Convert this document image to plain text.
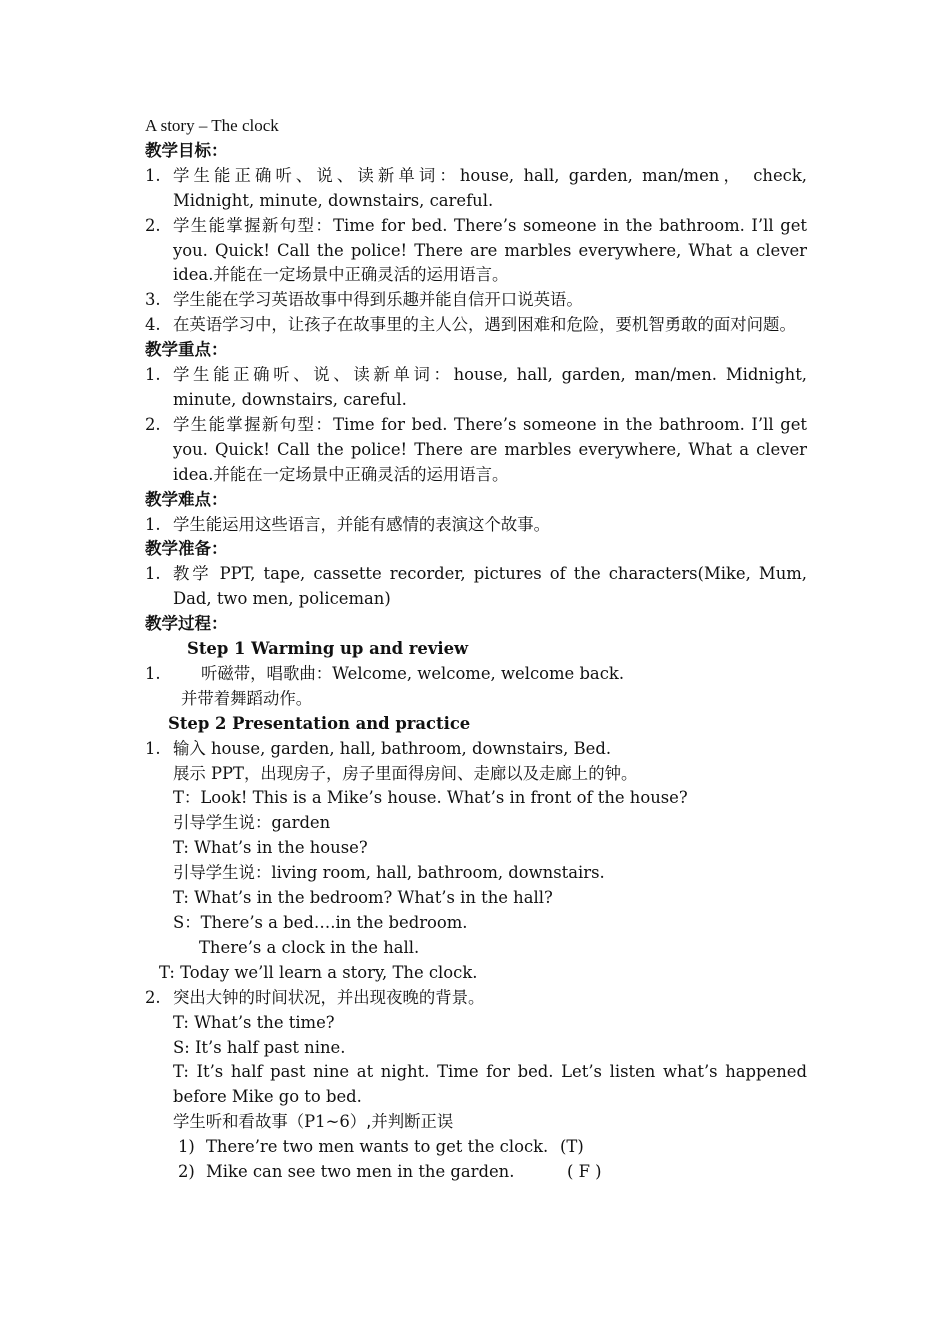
A story – The clock
教学目标：
1. 学生能正确听、说、读新单词：house, hall, garden, man/men， check, Midnight, minute, downstairs, careful.
2. 学生能掌握新句型：Time for bed. There’s someone in the bathroom. I’ll get you. Quick! Call the police! There are marbles everywhere, What a clever idea.并能在一定场景中正确灵活的运用语言。
3. 学生能在学习英语故事中得到乐趣并能自信开口说英语。
4. 在英语学习中，让孩子在故事里的主人公，遇到困难和危险，要机智勇敢的面对问题。
教学重点：
1. 学生能正确听、说、读新单词：house, hall, garden, man/men. Midnight, minute, downstairs, careful.
2. 学生能掌握新句型：Time for bed. There’s someone in the bathroom. I’ll get you. Quick! Call the police! There are marbles everywhere, What a clever idea.并能在一定场景中正确灵活的运用语言。
教学难点：
1. 学生能运用这些语言，并能有感情的表演这个故事。
教学准备：
1. 教学 PPT, tape, cassette recorder, pictures of the characters(Mike, Mum, Dad, two men, policeman)
教学过程：
Step 1 Warming up and review
1.	听磁带，唱歌曲：Welcome, welcome, welcome back.
并带着舞蹈动作。
Step 2 Presentation and practice
1. 输入 house, garden, hall, bathroom, downstairs, Bed.
展示 PPT，出现房子，房子里面得房间、走廊以及走廊上的钟。
T：Look! This is a Mike’s house. What’s in front of the house?
引导学生说：garden
T: What’s in the house?
引导学生说：living room, hall, bathroom, downstairs.
T: What’s in the bedroom? What’s in the hall?
S：There’s a bed….in the bedroom.
There’s a clock in the hall.
T: Today we’ll learn a story, The clock.
2. 突出大钟的时间状况，并出现夜晚的背景。
T: What’s the time?
S: It’s half past nine.
T: It’s half past nine at night. Time for bed. Let’s listen what’s happened before Mike go to bed.
学生听和看故事（P1~6）,并判断正误
1) There’re two men wants to get the clock. (T)
2) Mike can see two men in the garden.	( F )
